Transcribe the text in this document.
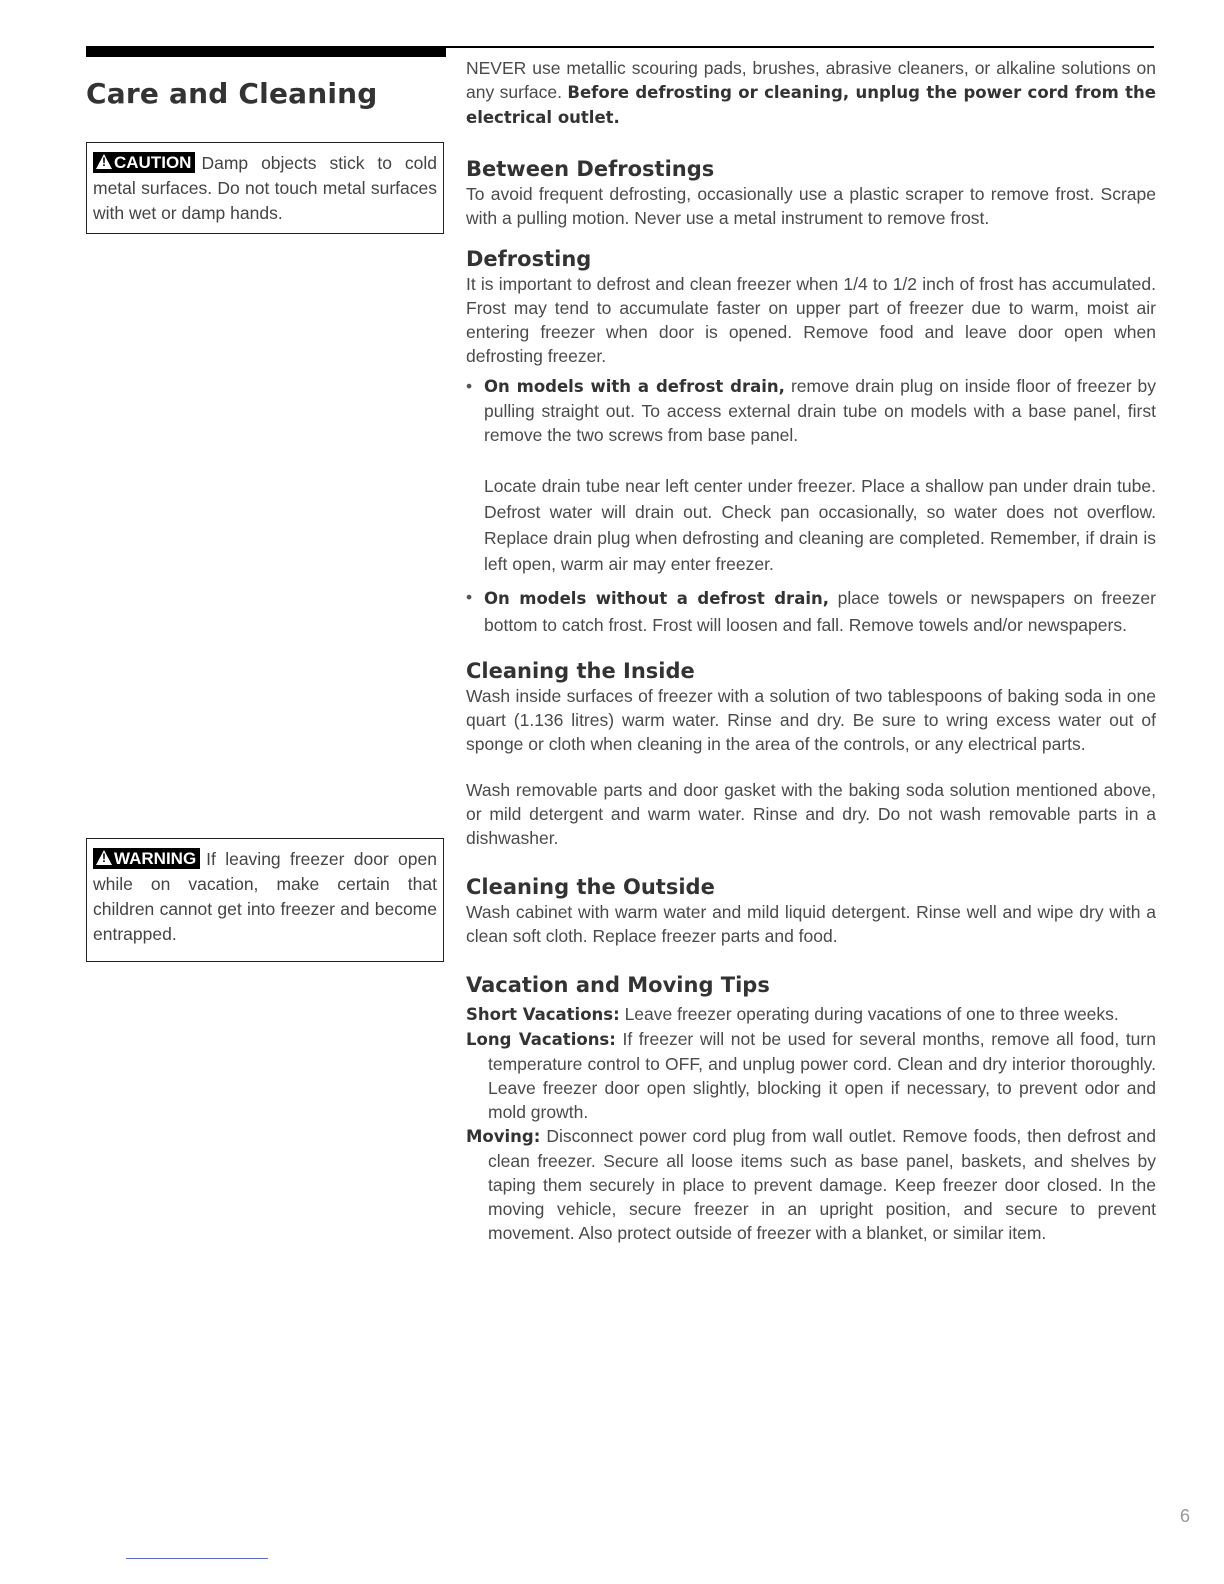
Care and Cleaning
!CAUTION Damp objects stick to cold metal surfaces. Do not touch metal surfaces with wet or damp hands.
!WARNING If leaving freezer door open while on vacation, make certain that children cannot get into freezer and become entrapped.

NEVER use metallic scouring pads, brushes, abrasive cleaners, or alkaline solutions on any surface. Before defrosting or cleaning, unplug the power cord from the electrical outlet.

Between Defrostings

To avoid frequent defrosting, occasionally use a plastic scraper to remove frost. Scrape with a pulling motion. Never use a metal instrument to remove frost.

Defrosting

It is important to defrost and clean freezer when 1/4 to 1/2 inch of frost has accumulated. Frost may tend to accumulate faster on upper part of freezer due to warm, moist air entering freezer when door is opened. Remove food and leave door open when defrosting freezer.

• On models with a defrost drain, remove drain plug on inside floor of freezer by pulling straight out. To access external drain tube on models with a base panel, first remove the two screws from base panel.

Locate drain tube near left center under freezer. Place a shallow pan under drain tube. Defrost water will drain out. Check pan occasionally, so water does not overflow. Replace drain plug when defrosting and cleaning are completed. Remember, if drain is left open, warm air may enter freezer.

• On models without a defrost drain, place towels or newspapers on freezer bottom to catch frost. Frost will loosen and fall. Remove towels and/or newspapers.

Cleaning the Inside

Wash inside surfaces of freezer with a solution of two tablespoons of baking soda in one quart (1.136 litres) warm water. Rinse and dry. Be sure to wring excess water out of sponge or cloth when cleaning in the area of the controls, or any electrical parts.

Wash removable parts and door gasket with the baking soda solution mentioned above, or mild detergent and warm water. Rinse and dry. Do not wash removable parts in a dishwasher.

Cleaning the Outside

Wash cabinet with warm water and mild liquid detergent. Rinse well and wipe dry with a clean soft cloth. Replace freezer parts and food.

Vacation and Moving Tips

Short Vacations: Leave freezer operating during vacations of one to three weeks.

Long Vacations: If freezer will not be used for several months, remove all food, turn temperature control to OFF, and unplug power cord. Clean and dry interior thoroughly. Leave freezer door open slightly, blocking it open if necessary, to prevent odor and mold growth.

Moving: Disconnect power cord plug from wall outlet. Remove foods, then defrost and clean freezer. Secure all loose items such as base panel, baskets, and shelves by taping them securely in place to prevent damage. Keep freezer door closed. In the moving vehicle, secure freezer in an upright position, and secure to prevent movement. Also protect outside of freezer with a blanket, or similar item.

6
